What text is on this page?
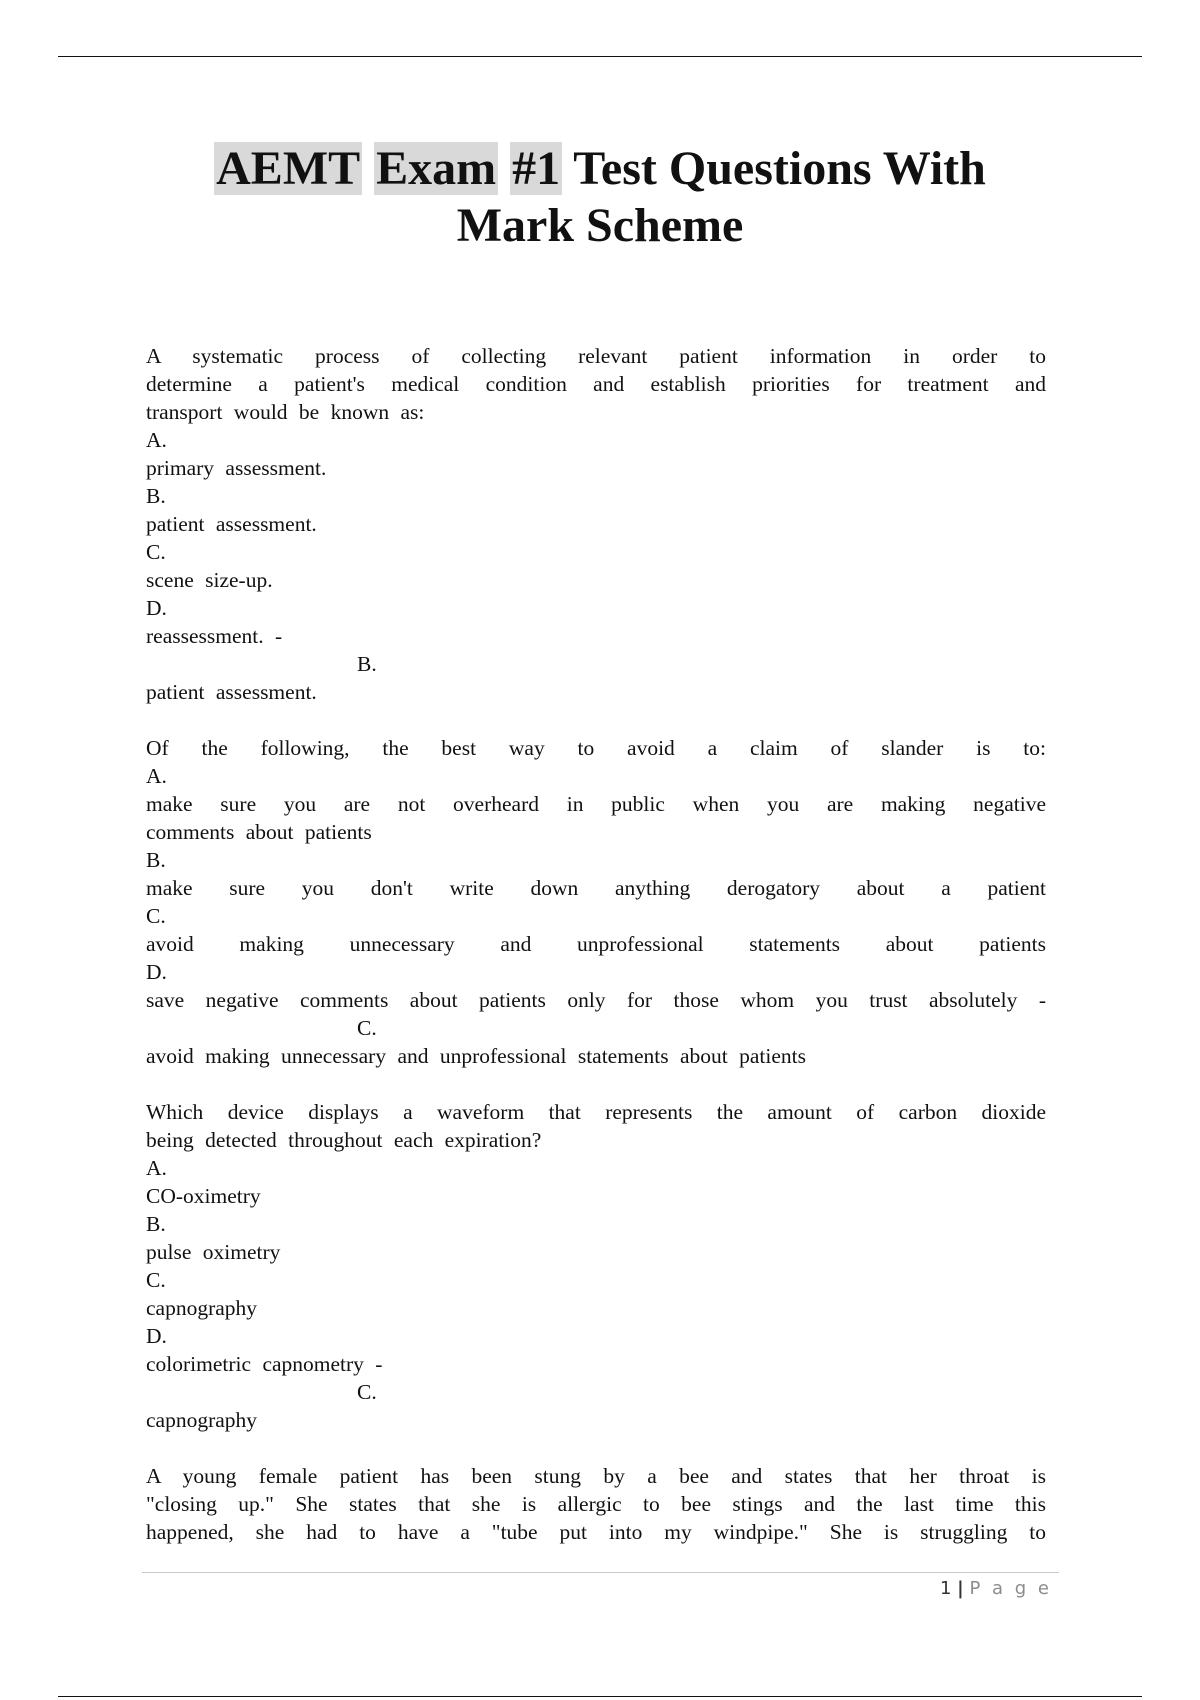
AEMT Exam #1 Test Questions With
Mark Scheme
A systematic process of collecting relevant patient information in order to
determine a patient's medical condition and establish priorities for treatment and
transport would be known as:
A.
primary assessment.
B.
patient assessment.
C.
scene size-up.
D.
reassessment. -
B.
patient assessment.
Of the following, the best way to avoid a claim of slander is to:
A.
make sure you are not overheard in public when you are making negative
comments about patients
B.
make sure you don't write down anything derogatory about a patient
C.
avoid making unnecessary and unprofessional statements about patients
D.
save negative comments about patients only for those whom you trust absolutely -
C.
avoid making unnecessary and unprofessional statements about patients
Which device displays a waveform that represents the amount of carbon dioxide
being detected throughout each expiration?
A.
CO-oximetry
B.
pulse oximetry
C.
capnography
D.
colorimetric capnometry -
C.
capnography
A young female patient has been stung by a bee and states that her throat is
"closing up." She states that she is allergic to bee stings and the last time this
happened, she had to have a "tube put into my windpipe." She is struggling to
1 | P a g e
